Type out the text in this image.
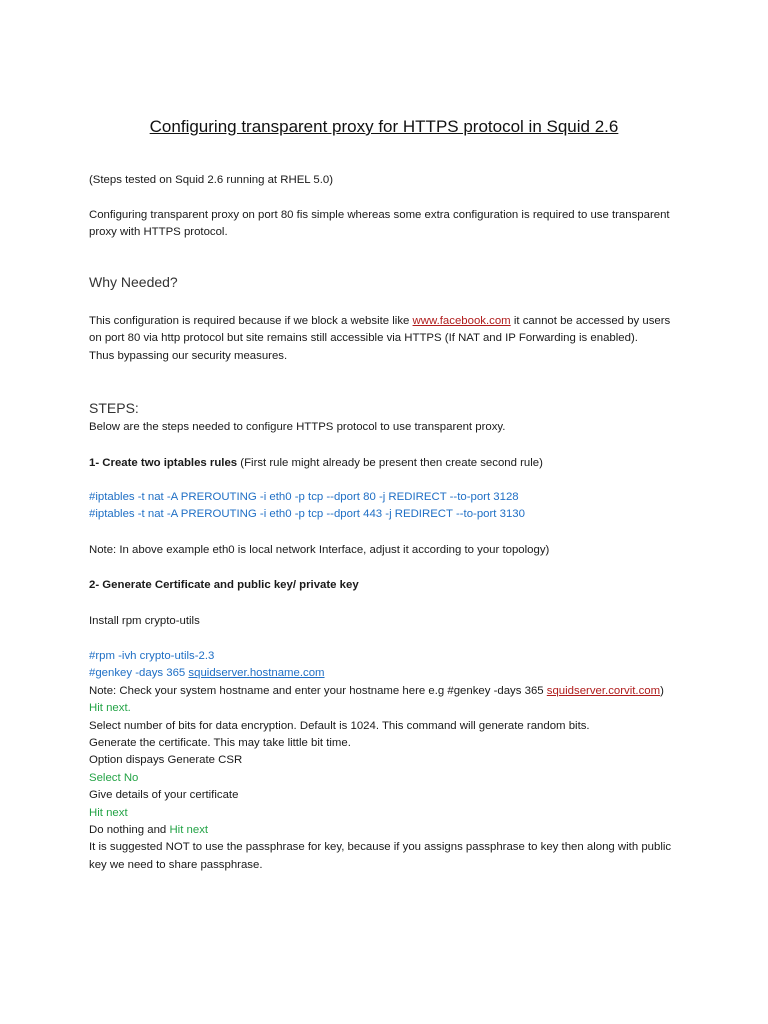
Configuring transparent proxy for HTTPS protocol in Squid 2.6

(Steps tested on Squid 2.6 running at RHEL 5.0)

Configuring transparent proxy on port 80 fis simple whereas some extra configuration is required to use transparent
proxy with HTTPS protocol.

Why Needed?

This configuration is required because if we block a website like www.facebook.com it cannot be accessed by users
on port 80 via http protocol but site remains still accessible via HTTPS (If NAT and IP Forwarding is enabled).
Thus bypassing our security measures.

STEPS:

Below are the steps needed to configure HTTPS protocol to use transparent proxy.

1- Create two iptables rules (First rule might already be present then create second rule)

#iptables -t nat -A PREROUTING -i eth0 -p tcp --dport 80 -j REDIRECT --to-port 3128
#iptables -t nat -A PREROUTING -i eth0 -p tcp --dport 443 -j REDIRECT --to-port 3130

Note: In above example eth0 is local network Interface, adjust it according to your topology)

2- Generate Certificate and public key/ private key

Install rpm crypto-utils

#rpm -ivh crypto-utils-2.3
#genkey -days 365 squidserver.hostname.com
Note: Check your system hostname and enter your hostname here e.g #genkey -days 365 squidserver.corvit.com)
Hit next.
Select number of bits for data encryption. Default is 1024. This command will generate random bits.
Generate the certificate. This may take little bit time.
Option dispays Generate CSR
Select No
Give details of your certificate
Hit next
Do nothing and Hit next
It is suggested NOT to use the passphrase for key, because if you assigns passphrase to key then along with public
key we need to share passphrase.
